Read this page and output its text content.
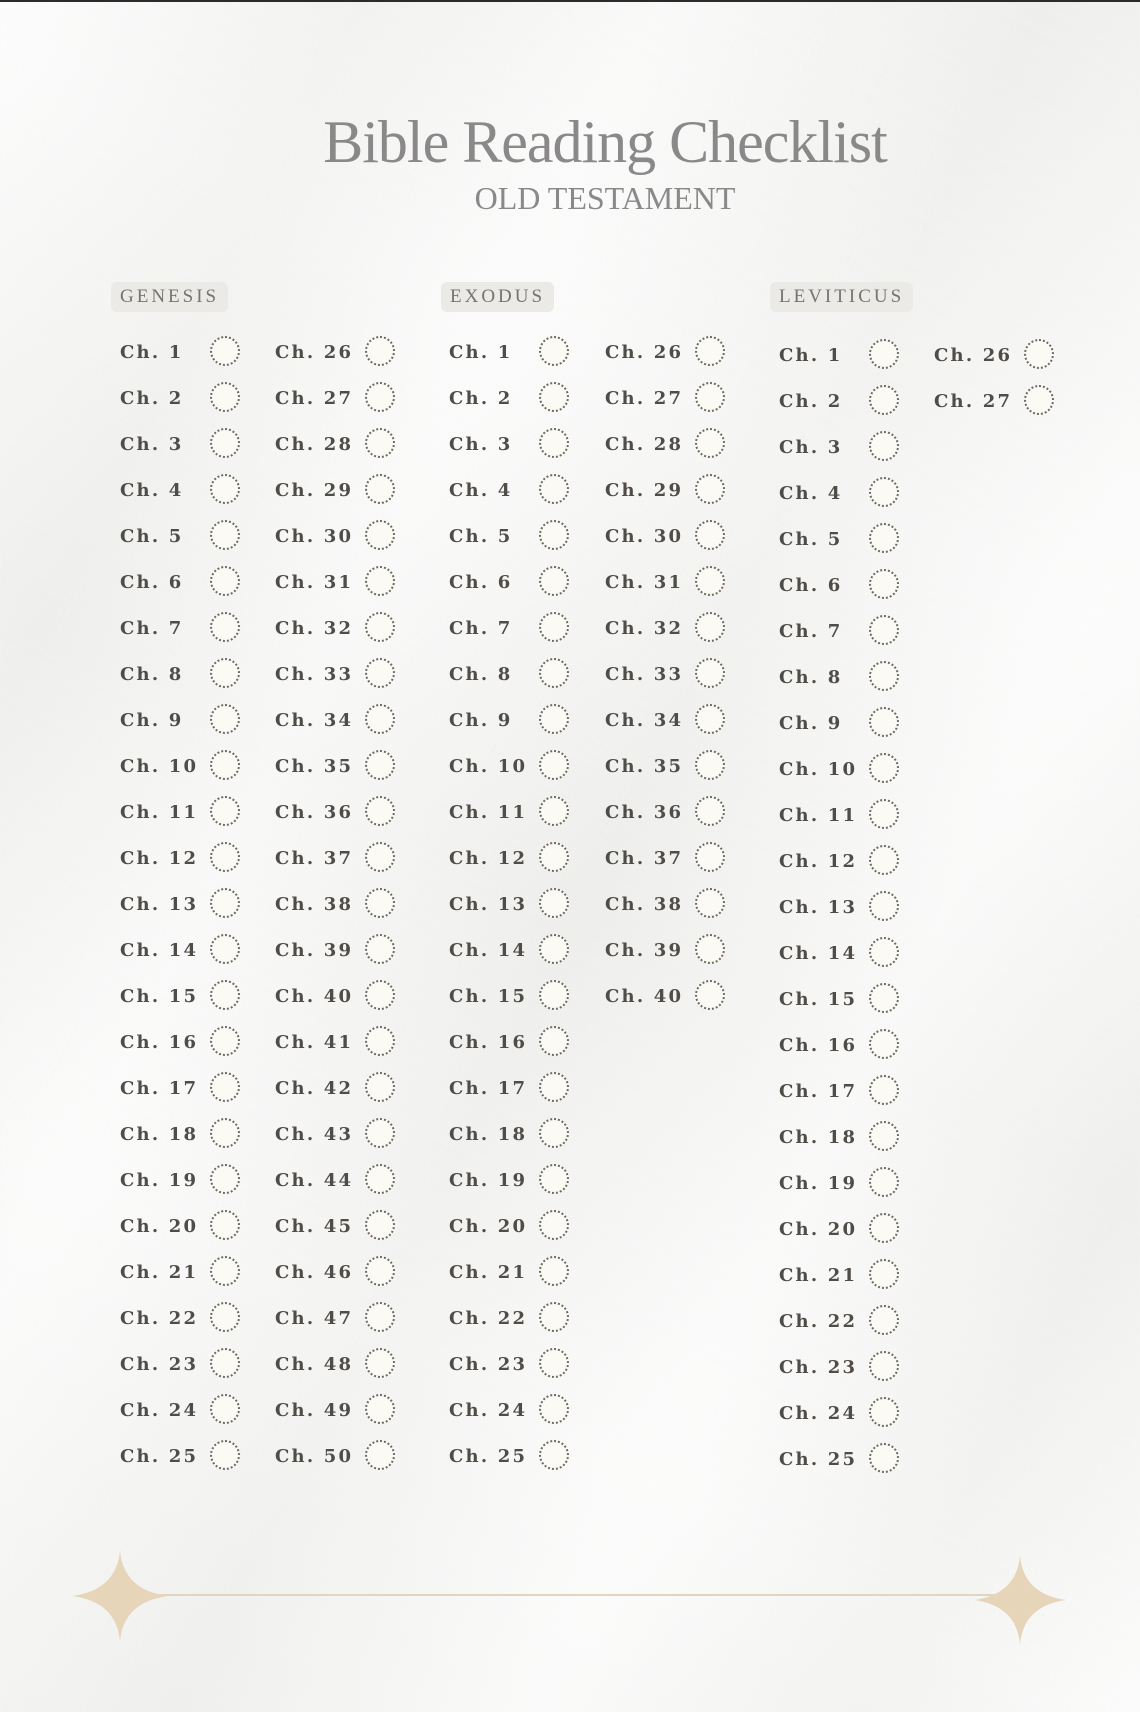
Bible Reading Checklist
OLD TESTAMENT
GENESIS	EXODUS	LEVITICUS
Ch. 1
Ch. 2
Ch. 3
Ch. 4
Ch. 5
Ch. 6
Ch. 7
Ch. 8
Ch. 9
Ch. 10
Ch. 11
Ch. 12
Ch. 13
Ch. 14
Ch. 15
Ch. 16
Ch. 17
Ch. 18
Ch. 19
Ch. 20
Ch. 21
Ch. 22
Ch. 23
Ch. 24
Ch. 25
Ch. 26
Ch. 27
Ch. 28
Ch. 29
Ch. 30
Ch. 31
Ch. 32
Ch. 33
Ch. 34
Ch. 35
Ch. 36
Ch. 37
Ch. 38
Ch. 39
Ch. 40
Ch. 41
Ch. 42
Ch. 43
Ch. 44
Ch. 45
Ch. 46
Ch. 47
Ch. 48
Ch. 49
Ch. 50
Ch. 1
Ch. 2
Ch. 3
Ch. 4
Ch. 5
Ch. 6
Ch. 7
Ch. 8
Ch. 9
Ch. 10
Ch. 11
Ch. 12
Ch. 13
Ch. 14
Ch. 15
Ch. 16
Ch. 17
Ch. 18
Ch. 19
Ch. 20
Ch. 21
Ch. 22
Ch. 23
Ch. 24
Ch. 25
Ch. 26
Ch. 27
Ch. 28
Ch. 29
Ch. 30
Ch. 31
Ch. 32
Ch. 33
Ch. 34
Ch. 35
Ch. 36
Ch. 37
Ch. 38
Ch. 39
Ch. 40
Ch. 1
Ch. 2
Ch. 3
Ch. 4
Ch. 5
Ch. 6
Ch. 7
Ch. 8
Ch. 9
Ch. 10
Ch. 11
Ch. 12
Ch. 13
Ch. 14
Ch. 15
Ch. 16
Ch. 17
Ch. 18
Ch. 19
Ch. 20
Ch. 21
Ch. 22
Ch. 23
Ch. 24
Ch. 25
Ch. 26
Ch. 27
